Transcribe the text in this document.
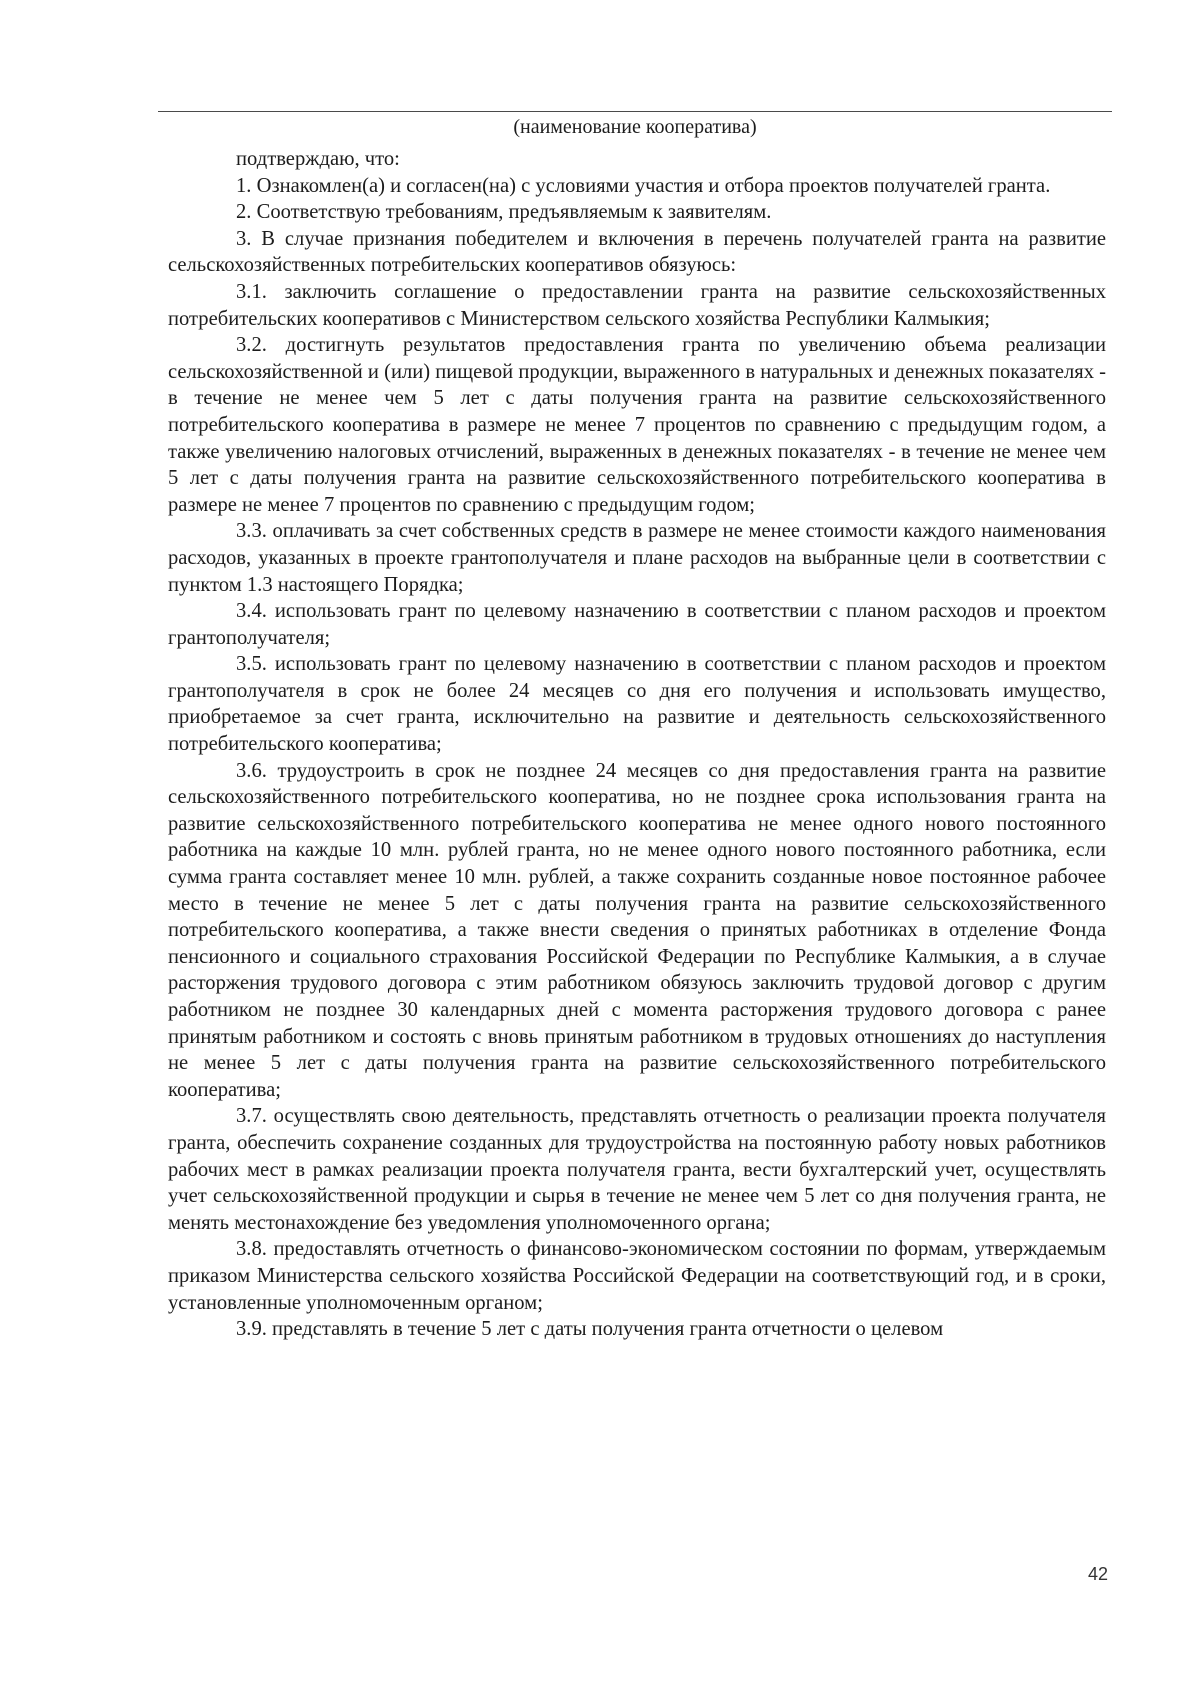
(наименование кооператива)

подтверждаю, что:

1. Ознакомлен(а) и согласен(на) с условиями участия и отбора проектов получателей гранта.

2. Соответствую требованиям, предъявляемым к заявителям.

3. В случае признания победителем и включения в перечень получателей гранта на развитие сельскохозяйственных потребительских кооперативов обязуюсь:

3.1. заключить соглашение о предоставлении гранта на развитие сельскохозяйственных потребительских кооперативов с Министерством сельского хозяйства Республики Калмыкия;

3.2. достигнуть результатов предоставления гранта по увеличению объема реализации сельскохозяйственной и (или) пищевой продукции, выраженного в натуральных и денежных показателях - в течение не менее чем 5 лет с даты получения гранта на развитие сельскохозяйственного потребительского кооператива в размере не менее 7 процентов по сравнению с предыдущим годом, а также увеличению налоговых отчислений, выраженных в денежных показателях - в течение не менее чем 5 лет с даты получения гранта на развитие сельскохозяйственного потребительского кооператива в размере не менее 7 процентов по сравнению с предыдущим годом;

3.3. оплачивать за счет собственных средств в размере не менее стоимости каждого наименования расходов, указанных в проекте грантополучателя и плане расходов на выбранные цели в соответствии с пунктом 1.3 настоящего Порядка;

3.4. использовать грант по целевому назначению в соответствии с планом расходов и проектом грантополучателя;

3.5. использовать грант по целевому назначению в соответствии с планом расходов и проектом грантополучателя в срок не более 24 месяцев со дня его получения и использовать имущество, приобретаемое за счет гранта, исключительно на развитие и деятельность сельскохозяйственного потребительского кооператива;

3.6. трудоустроить в срок не позднее 24 месяцев со дня предоставления гранта на развитие сельскохозяйственного потребительского кооператива, но не позднее срока использования гранта на развитие сельскохозяйственного потребительского кооператива не менее одного нового постоянного работника на каждые 10 млн. рублей гранта, но не менее одного нового постоянного работника, если сумма гранта составляет менее 10 млн. рублей, а также сохранить созданные новое постоянное рабочее место в течение не менее 5 лет с даты получения гранта на развитие сельскохозяйственного потребительского кооператива, а также внести сведения о принятых работниках в отделение Фонда пенсионного и социального страхования Российской Федерации по Республике Калмыкия, а в случае расторжения трудового договора с этим работником обязуюсь заключить трудовой договор с другим работником не позднее 30 календарных дней с момента расторжения трудового договора с ранее принятым работником и состоять с вновь принятым работником в трудовых отношениях до наступления не менее 5 лет с даты получения гранта на развитие сельскохозяйственного потребительского кооператива;

3.7. осуществлять свою деятельность, представлять отчетность о реализации проекта получателя гранта, обеспечить сохранение созданных для трудоустройства на постоянную работу новых работников рабочих мест в рамках реализации проекта получателя гранта, вести бухгалтерский учет, осуществлять учет сельскохозяйственной продукции и сырья в течение не менее чем 5 лет со дня получения гранта, не менять местонахождение без уведомления уполномоченного органа;

3.8. предоставлять отчетность о финансово-экономическом состоянии по формам, утверждаемым приказом Министерства сельского хозяйства Российской Федерации на соответствующий год, и в сроки, установленные уполномоченным органом;

3.9. представлять в течение 5 лет с даты получения гранта отчетности о целевом

42
